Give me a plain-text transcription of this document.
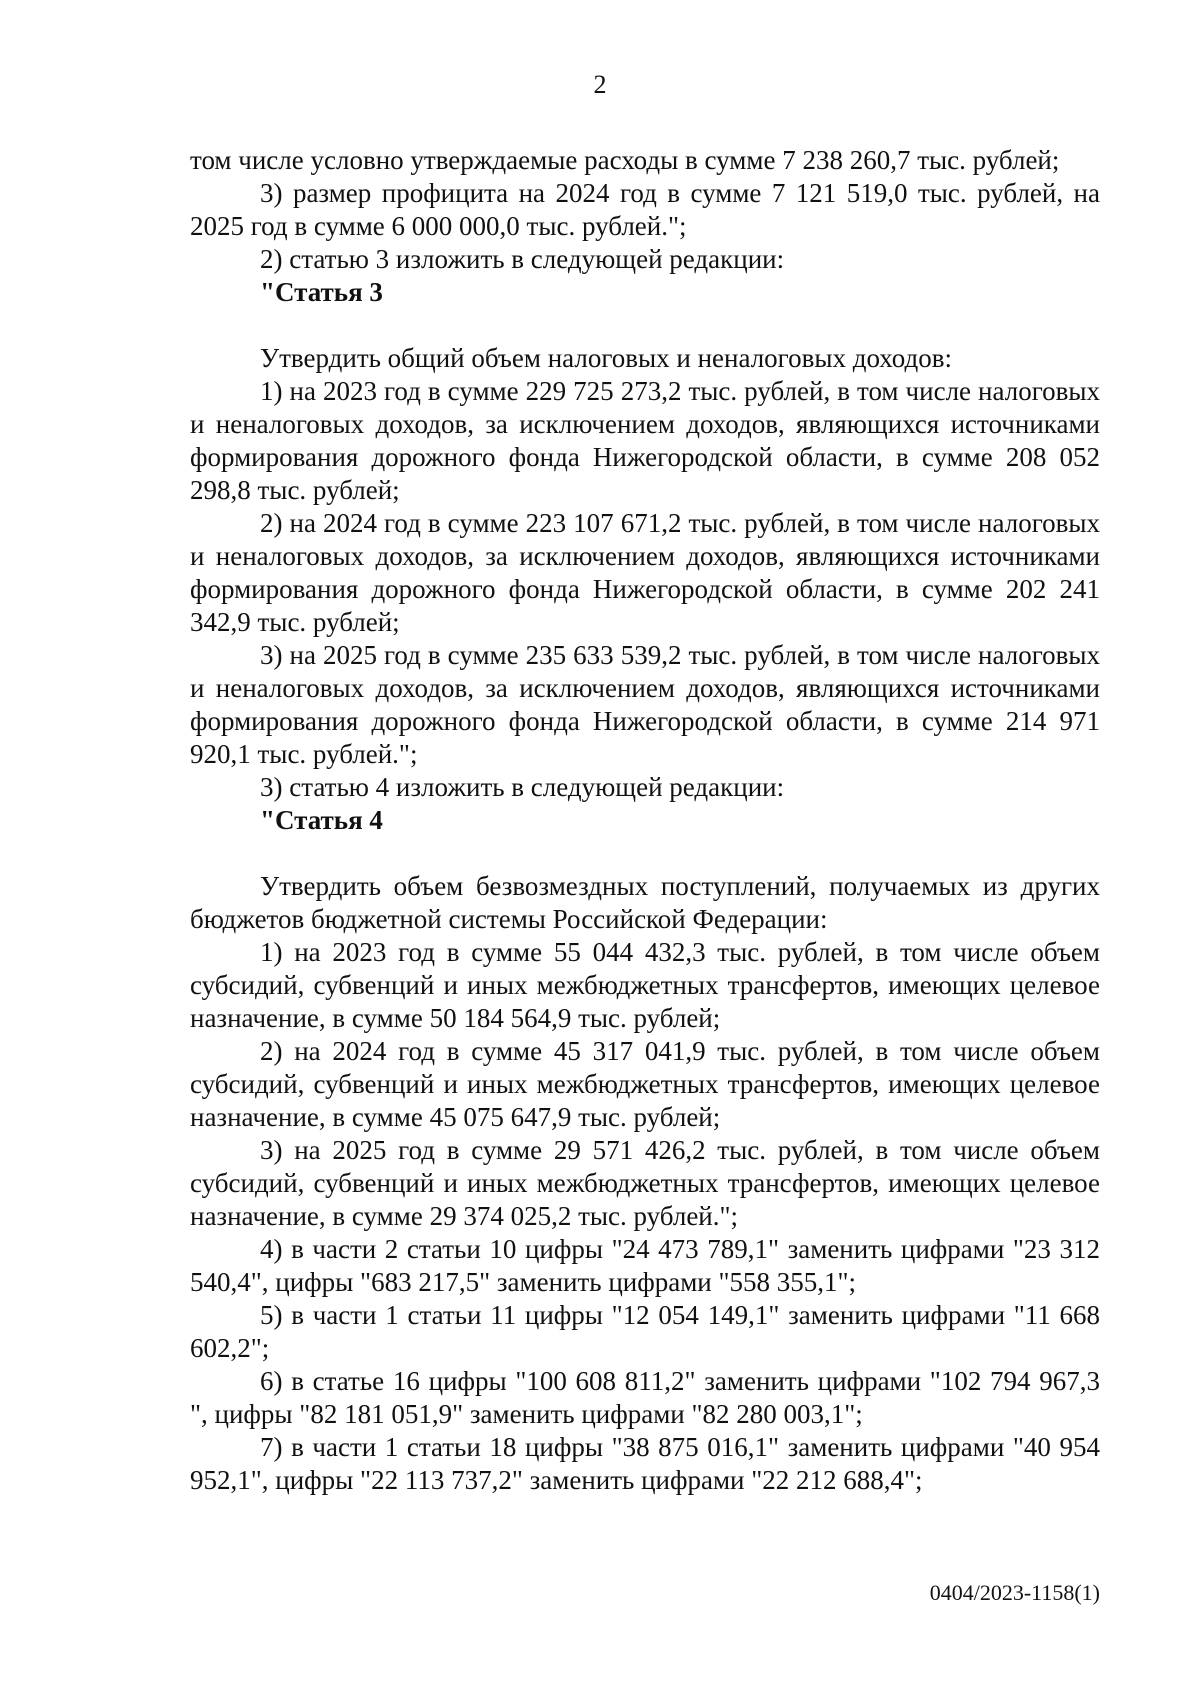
2

том числе условно утверждаемые расходы в сумме 7 238 260,7 тыс. рублей;

3) размер профицита на 2024 год в сумме 7 121 519,0 тыс. рублей, на 2025 год в сумме 6 000 000,0 тыс. рублей.";

2) статью 3 изложить в следующей редакции:

"Статья 3

Утвердить общий объем налоговых и неналоговых доходов:

1) на 2023 год в сумме 229 725 273,2 тыс. рублей, в том числе налоговых и неналоговых доходов, за исключением доходов, являющихся источниками формирования дорожного фонда Нижегородской области, в сумме 208 052 298,8 тыс. рублей;

2) на 2024 год в сумме 223 107 671,2 тыс. рублей, в том числе налоговых и неналоговых доходов, за исключением доходов, являющихся источниками формирования дорожного фонда Нижегородской области, в сумме 202 241 342,9 тыс. рублей;

3) на 2025 год в сумме 235 633 539,2 тыс. рублей, в том числе налоговых и неналоговых доходов, за исключением доходов, являющихся источниками формирования дорожного фонда Нижегородской области, в сумме 214 971 920,1 тыс. рублей.";

3) статью 4 изложить в следующей редакции:

"Статья 4

Утвердить объем безвозмездных поступлений, получаемых из других бюджетов бюджетной системы Российской Федерации:

1) на 2023 год в сумме 55 044 432,3 тыс. рублей, в том числе объем субсидий, субвенций и иных межбюджетных трансфертов, имеющих целевое назначение, в сумме 50 184 564,9 тыс. рублей;

2) на 2024 год в сумме 45 317 041,9 тыс. рублей, в том числе объем субсидий, субвенций и иных межбюджетных трансфертов, имеющих целевое назначение, в сумме 45 075 647,9 тыс. рублей;

3) на 2025 год в сумме 29 571 426,2 тыс. рублей, в том числе объем субсидий, субвенций и иных межбюджетных трансфертов, имеющих целевое назначение, в сумме 29 374 025,2 тыс. рублей.";

4) в части 2 статьи 10 цифры "24 473 789,1" заменить цифрами "23 312 540,4", цифры "683 217,5" заменить цифрами "558 355,1";

5) в части 1 статьи 11 цифры "12 054 149,1" заменить цифрами "11 668 602,2";

6) в статье 16 цифры "100 608 811,2" заменить цифрами "102 794 967,3 ", цифры "82 181 051,9" заменить цифрами "82 280 003,1";

7) в части 1 статьи 18 цифры "38 875 016,1" заменить цифрами "40 954 952,1", цифры "22 113 737,2" заменить цифрами "22 212 688,4";

0404/2023-1158(1)
